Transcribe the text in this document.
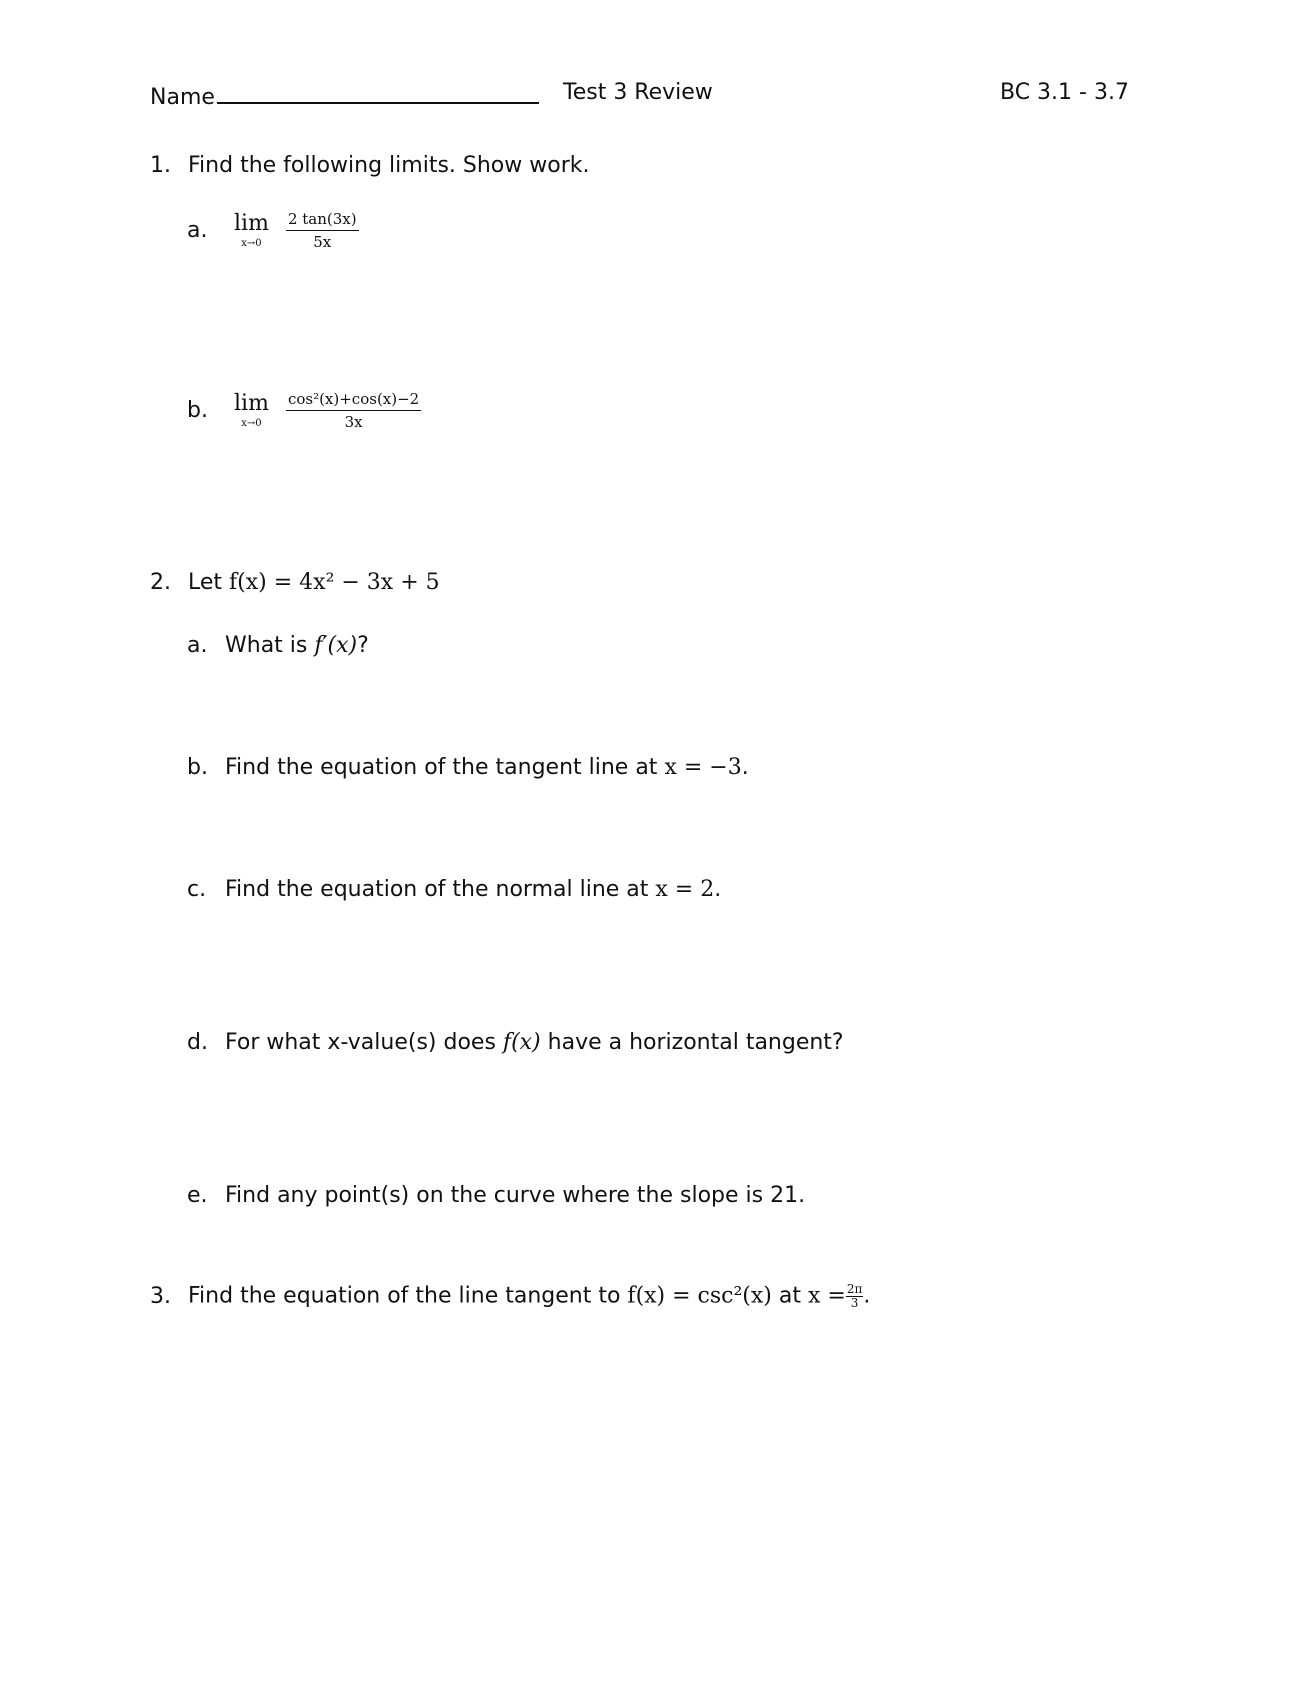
Name	Test 3 Review	BC 3.1 - 3.7
1. Find the following limits. Show work.
a. lim
x→0
	$\frac{2 \tan(3x)}{5x}$
b. lim
x→0
	$\frac{\text{cos²(x)+cos(x)−2}}{3x}$
2. Let f(x) = 4x² − 3x + 5
a. What is f′(x)?
b. Find the equation of the tangent line at x = −3.
c. Find the equation of the normal line at x = 2.
d. For what x-value(s) does f(x) have a horizontal tangent?
e. Find any point(s) on the curve where the slope is 21.
3. Find the equation of the line tangent to f(x) = csc²(x) at $x = \frac{2\pi}{3}$ .
